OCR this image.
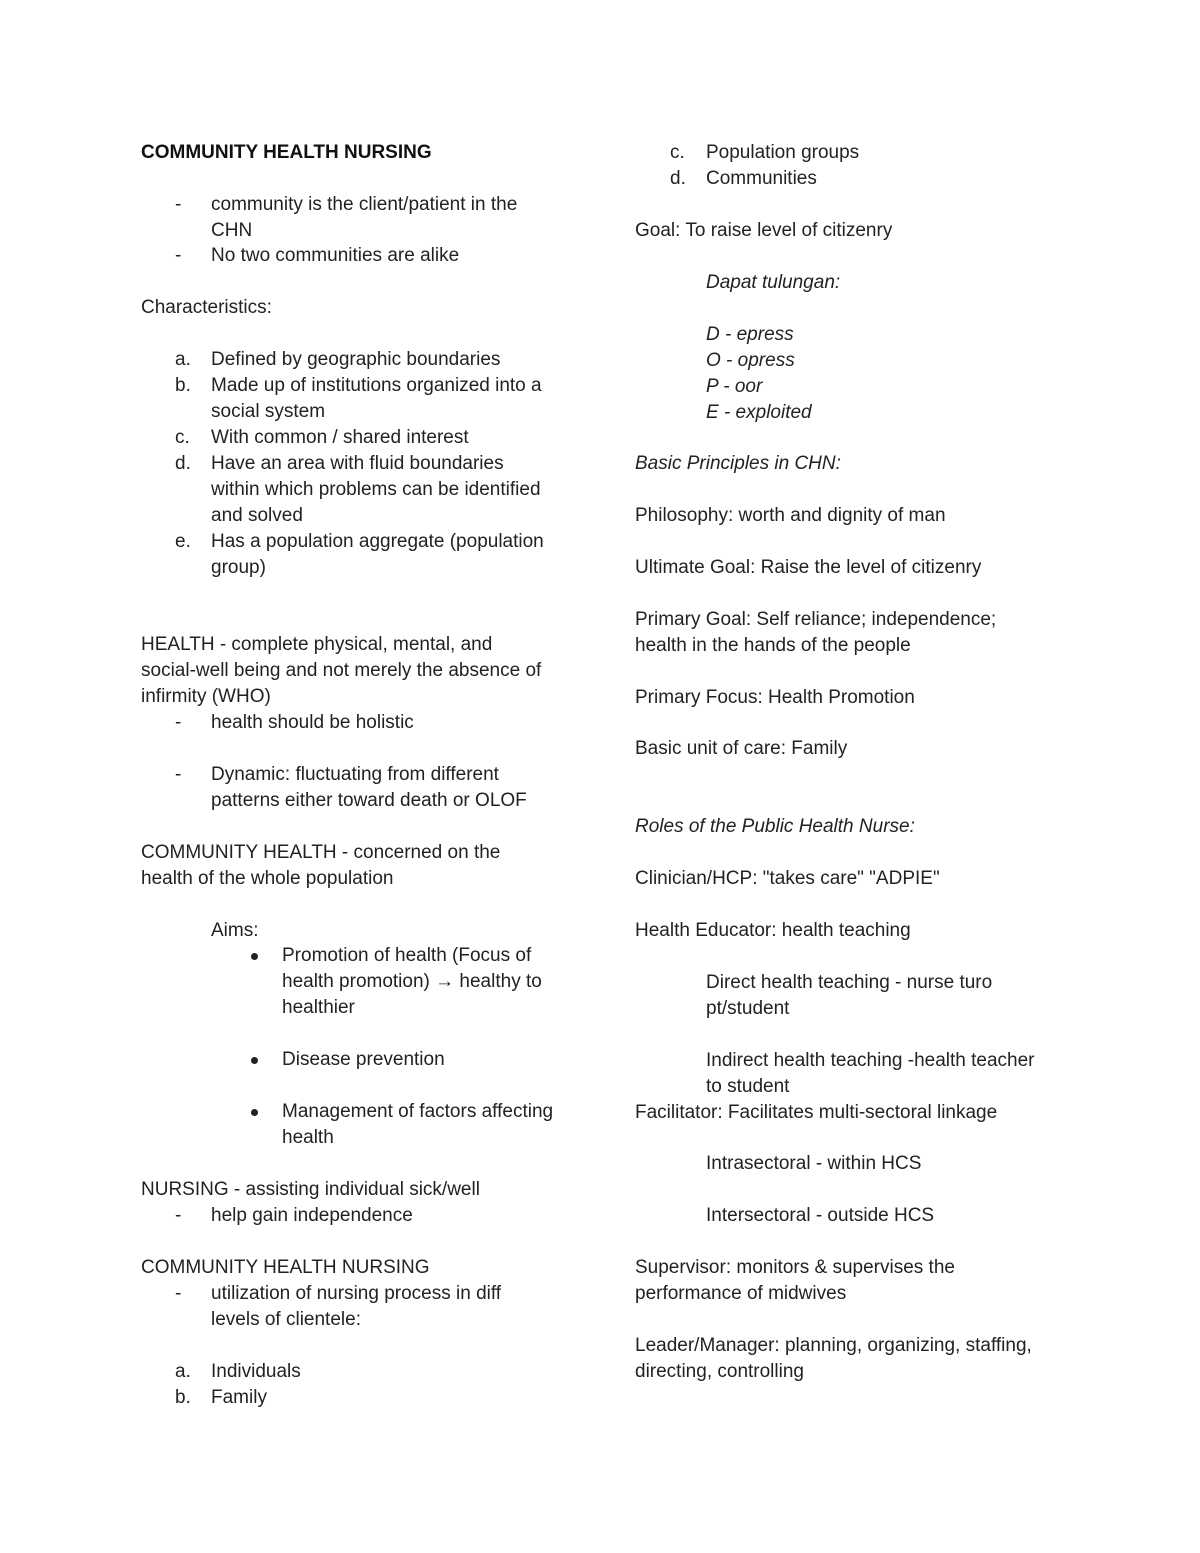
COMMUNITY HEALTH NURSING
- community is the client/patient in the
CHN
- No two communities are alike
Characteristics:
a. Defined by geographic boundaries
b. Made up of institutions organized into a
social system
c. With common / shared interest
d. Have an area with fluid boundaries
within which problems can be identified
and solved
e. Has a population aggregate (population
group)
HEALTH - complete physical, mental, and
social-well being and not merely the absence of
infirmity (WHO)
- health should be holistic
- Dynamic: fluctuating from different
patterns either toward death or OLOF
COMMUNITY HEALTH - concerned on the
health of the whole population
Aims:
Promotion of health (Focus of
health promotion) → healthy to
healthier
Disease prevention
Management of factors affecting
health
NURSING - assisting individual sick/well
- help gain independence
COMMUNITY HEALTH NURSING
- utilization of nursing process in diff
levels of clientele:
a. Individuals
b. Family
c. Population groups
d. Communities
Goal: To raise level of citizenry
Dapat tulungan:
D - epress
O - opress
P - oor
E - exploited
Basic Principles in CHN:
Philosophy: worth and dignity of man
Ultimate Goal: Raise the level of citizenry
Primary Goal: Self reliance; independence;
health in the hands of the people
Primary Focus: Health Promotion
Basic unit of care: Family
Roles of the Public Health Nurse:
Clinician/HCP: "takes care" "ADPIE"
Health Educator: health teaching
Direct health teaching - nurse turo
pt/student
Indirect health teaching -health teacher
to student
Facilitator: Facilitates multi-sectoral linkage
Intrasectoral - within HCS
Intersectoral - outside HCS
Supervisor: monitors & supervises the
performance of midwives
Leader/Manager: planning, organizing, staffing,
directing, controlling
